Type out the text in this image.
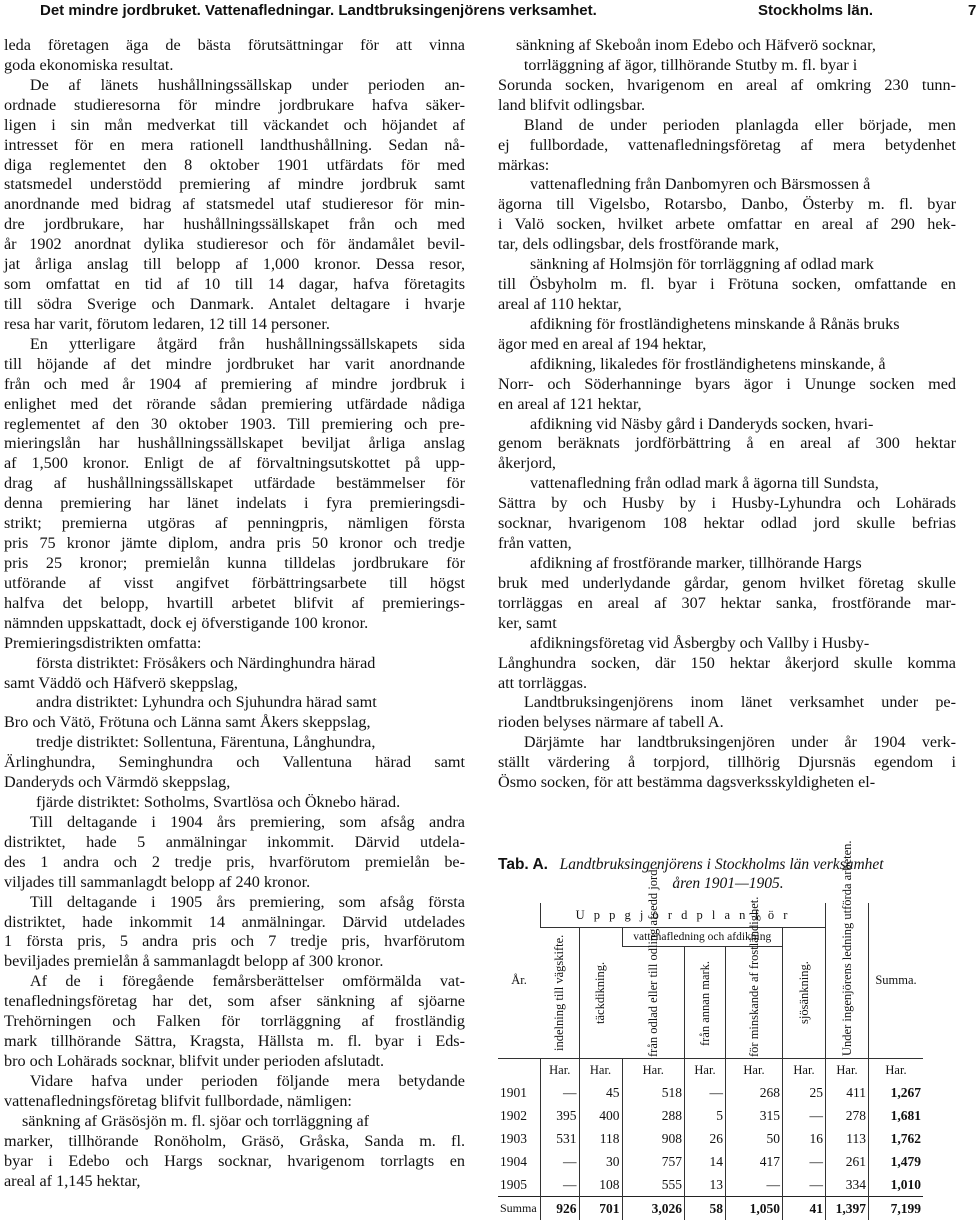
Det mindre jordbruket. Vattenafledningar. Landtbruksingenjörens verksamhet.	Stockholms län.	7

leda företagen äga de bästa förutsättningar för att vinna
goda ekonomiska resultat.

De af länets hushållningssällskap under perioden an-
ordnade studieresorna för mindre jordbrukare hafva säker-
ligen i sin mån medverkat till väckandet och höjandet af
intresset för en mera rationell landthushållning. Sedan nå-
diga reglementet den 8 oktober 1901 utfärdats för med
statsmedel understödd premiering af mindre jordbruk samt
anordnande med bidrag af statsmedel utaf studieresor för min-
dre jordbrukare, har hushållningssällskapet från och med
år 1902 anordnat dylika studieresor och för ändamålet bevil-
jat årliga anslag till belopp af 1,000 kronor. Dessa resor,
som omfattat en tid af 10 till 14 dagar, hafva företagits
till södra Sverige och Danmark. Antalet deltagare i hvarje
resa har varit, förutom ledaren, 12 till 14 personer.

En ytterligare åtgärd från hushållningssällskapets sida
till höjande af det mindre jordbruket har varit anordnande
från och med år 1904 af premiering af mindre jordbruk i
enlighet med det rörande sådan premiering utfärdade nådiga
reglementet af den 30 oktober 1903. Till premiering och pre-
mieringslån har hushållningssällskapet beviljat årliga anslag
af 1,500 kronor. Enligt de af förvaltningsutskottet på upp-
drag af hushållningssällskapet utfärdade bestämmelser för
denna premiering har länet indelats i fyra premieringsdi-
strikt; premierna utgöras af penningpris, nämligen första
pris 75 kronor jämte diplom, andra pris 50 kronor och tredje
pris 25 kronor; premielån kunna tilldelas jordbrukare för
utförande af visst angifvet förbättringsarbete till högst
halfva det belopp, hvartill arbetet blifvit af premierings-
nämnden uppskattadt, dock ej öfverstigande 100 kronor.

Premieringsdistrikten omfatta:

första distriktet: Frösåkers och Närdinghundra härad

samt Väddö och Häfverö skeppslag,

andra distriktet: Lyhundra och Sjuhundra härad samt

Bro och Vätö, Frötuna och Länna samt Åkers skeppslag,

tredje distriktet: Sollentuna, Färentuna, Långhundra,

Ärlinghundra, Seminghundra och Vallentuna härad samt
Danderyds och Värmdö skeppslag,

fjärde distriktet: Sotholms, Svartlösa och Öknebo härad.

Till deltagande i 1904 års premiering, som afsåg andra
distriktet, hade 5 anmälningar inkommit. Därvid utdela-
des 1 andra och 2 tredje pris, hvarförutom premielån be-
viljades till sammanlagdt belopp af 240 kronor.

Till deltagande i 1905 års premiering, som afsåg första
distriktet, hade inkommit 14 anmälningar. Därvid utdelades
1 första pris, 5 andra pris och 7 tredje pris, hvarförutom
beviljades premielån å sammanlagdt belopp af 300 kronor.

Af de i föregående femårsberättelser omförmälda vat-
tenafledningsföretag har det, som afser sänkning af sjöarne
Trehörningen och Falken för torrläggning af frostländig
mark tillhörande Sättra, Kragsta, Hällsta m. fl. byar i Eds-
bro och Lohärads socknar, blifvit under perioden afslutadt.

Vidare hafva under perioden följande mera betydande
vattenafledningsföretag blifvit fullbordade, nämligen:

sänkning af Gräsösjön m. fl. sjöar och torrläggning af

marker, tillhörande Ronöholm, Gräsö, Gråska, Sanda m. fl.
byar i Edebo och Hargs socknar, hvarigenom torrlagts en
areal af 1,145 hektar,

sänkning af Skeboån inom Edebo och Häfverö socknar,

torrläggning af ägor, tillhörande Stutby m. fl. byar i

Sorunda socken, hvarigenom en areal af omkring 230 tunn-
land blifvit odlingsbar.

Bland de under perioden planlagda eller började, men
ej fullbordade, vattenafledningsföretag af mera betydenhet
märkas:

vattenafledning från Danbomyren och Bärsmossen å

ägorna till Vigelsbo, Rotarsbo, Danbo, Österby m. fl. byar
i Valö socken, hvilket arbete omfattar en areal af 290 hek-
tar, dels odlingsbar, dels frostförande mark,

sänkning af Holmsjön för torrläggning af odlad mark

till Ösbyholm m. fl. byar i Frötuna socken, omfattande en
areal af 110 hektar,

afdikning för frostländighetens minskande å Rånäs bruks

ägor med en areal af 194 hektar,

afdikning, likaledes för frostländighetens minskande, å

Norr- och Söderhanninge byars ägor i Ununge socken med
en areal af 121 hektar,

afdikning vid Näsby gård i Danderyds socken, hvari-

genom beräknats jordförbättring å en areal af 300 hektar
åkerjord,

vattenafledning från odlad mark å ägorna till Sundsta,

Sättra by och Husby by i Husby-Lyhundra och Lohärads
socknar, hvarigenom 108 hektar odlad jord skulle befrias
från vatten,

afdikning af frostförande marker, tillhörande Hargs

bruk med underlydande gårdar, genom hvilket företag skulle
torrläggas en areal af 307 hektar sanka, frostförande mar-
ker, samt

afdikningsföretag vid Åsbergby och Vallby i Husby-

Långhundra socken, där 150 hektar åkerjord skulle komma
att torrläggas.

Landtbruksingenjörens inom länet verksamhet under pe-
rioden belyses närmare af tabell A.

Därjämte har landtbruksingenjören under år 1904 verk-
ställt värdering å torpjord, tillhörig Djursnäs egendom i
Ösmo socken, för att bestämma dagsverksskyldigheten el-

Tab. A. Landtbruksingenjörens i Stockholms län verksamhet
åren 1901—1905.
År.	U p p g j o r d p l a n f ö r						Under ingenjörens ledning utförda arbeten.	Summa.

	indelning till vägskifte.	täckdikning.	vattenafledning och afdikning			sjösänkning.		

			från odlad eller till odling afsedd jord.	från annan mark.	för minskande af frostländighet.			

	Har.	Har.	Har.	Har.	Har.	Har.	Har.	Har.
1901	—	45	518	—	268	25	411	1,267
1902	395	400	288	5	315	—	278	1,681
1903	531	118	908	26	50	16	113	1,762
1904	—	30	757	14	417	—	261	1,479
1905	—	108	555	13	—	—	334	1,010
Summa	926	701	3,026	58	1,050	41	1,397	7,199
